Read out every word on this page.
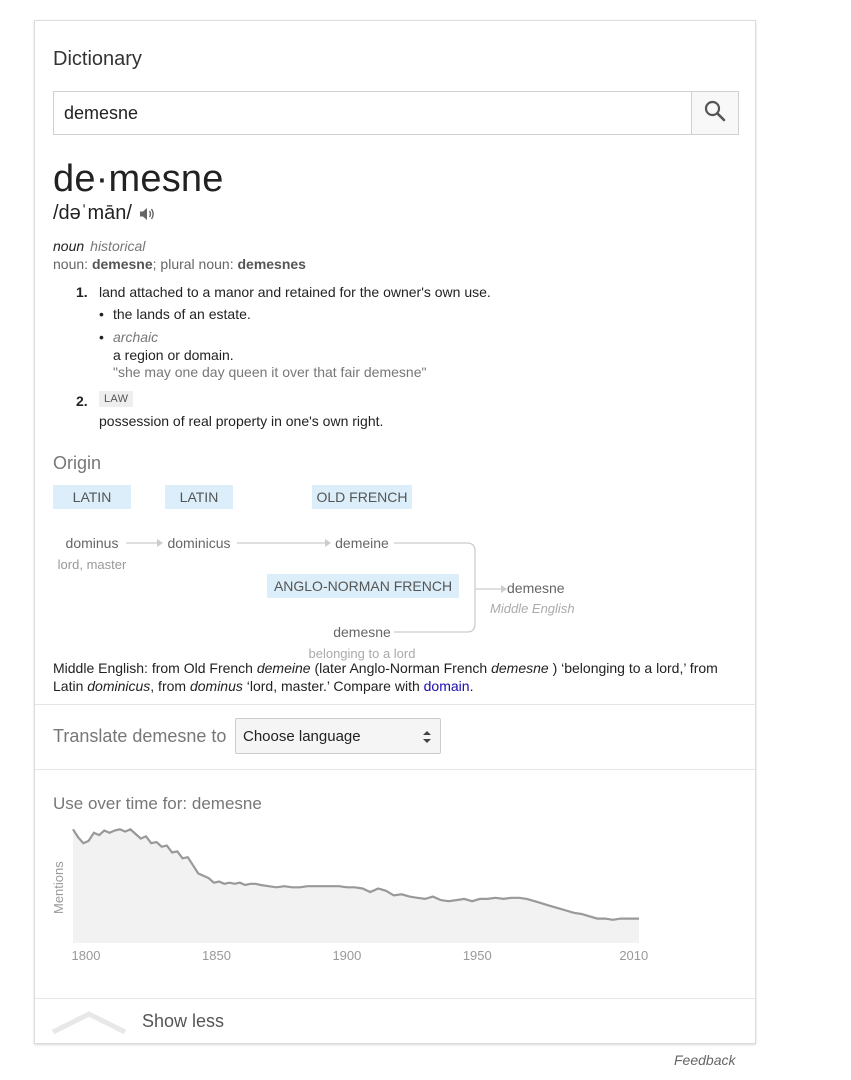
Dictionary
demesne
de·mesne
/dəˈmān/
noun historical
noun: demesne; plural noun: demesnes
1. land attached to a manor and retained for the owner's own use.
• the lands of an estate.
• archaic
a region or domain.
"she may one day queen it over that fair demesne"
2.	LAW
possession of real property in one's own right.
Origin
LATIN	LATIN	OLD FRENCH
ANGLO-NORMAN FRENCH
dominus
lord, master
dominicus	demeine
demesne
belonging to a lord
demesne
Middle English
Middle English: from Old French demeine (later Anglo-Norman French demesne ) ‘belonging to a lord,’ from Latin dominicus, from dominus ‘lord, master.’ Compare with domain.
Translate demesne to Choose language
Use over time for: demesne
Mentions
1800	1850	1900	1950	2010
Show less
Feedback
